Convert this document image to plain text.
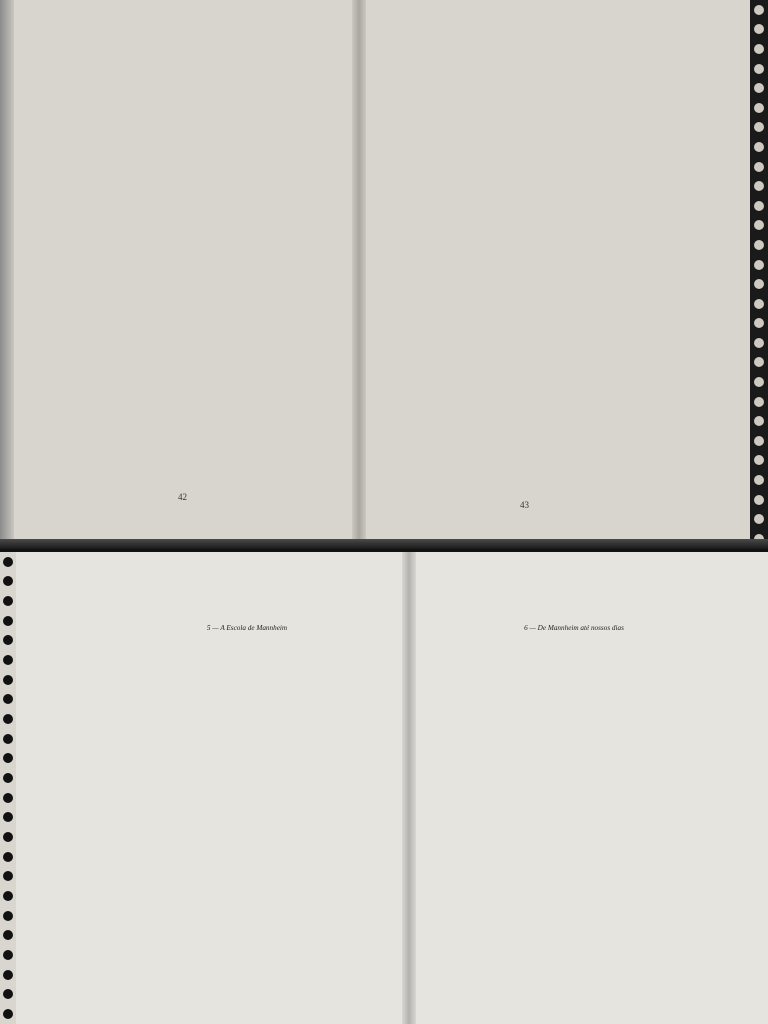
42

43

5 — A Escola de Mannheim	6 — De Mannheim até nossos dias
